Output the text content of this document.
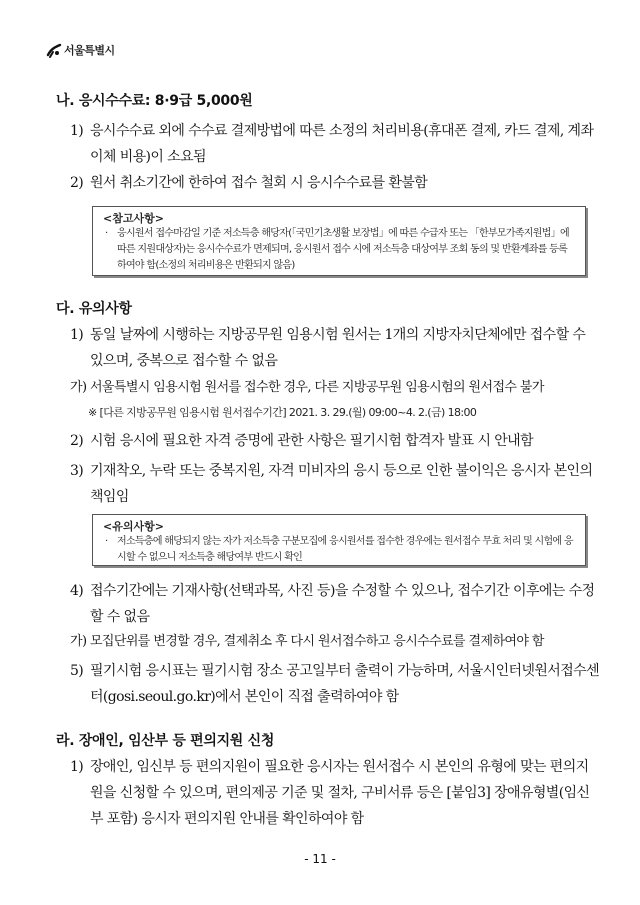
서울특별시
나. 응시수수료: 8·9급 5,000원
1) 응시수수료 외에 수수료 결제방법에 따른 소정의 처리비용(휴대폰 결제, 카드 결제, 계좌이체 비용)이 소요됨
2) 원서 취소기간에 한하여 접수 철회 시 응시수수료를 환불함
<참고사항>
· 응시원서 접수마감일 기준 저소득층 해당자(「국민기초생활 보장법」에 따른 수급자 또는 「한부모가족지원법」에 따른 지원대상자)는 응시수수료가 면제되며, 응시원서 접수 시에 저소득층 대상여부 조회 동의 및 반환계좌를 등록하여야 함(소정의 처리비용은 반환되지 않음)
다. 유의사항
1) 동일 날짜에 시행하는 지방공무원 임용시험 원서는 1개의 지방자치단체에만 접수할 수 있으며, 중복으로 접수할 수 없음
가) 서울특별시 임용시험 원서를 접수한 경우, 다른 지방공무원 임용시험의 원서접수 불가
※ [다른 지방공무원 임용시험 원서접수기간] 2021. 3. 29.(월) 09:00~4. 2.(금) 18:00
2) 시험 응시에 필요한 자격 증명에 관한 사항은 필기시험 합격자 발표 시 안내함
3) 기재착오, 누락 또는 중복지원, 자격 미비자의 응시 등으로 인한 불이익은 응시자 본인의 책임임
<유의사항>
· 저소득층에 해당되지 않는 자가 저소득층 구분모집에 응시원서를 접수한 경우에는 원서접수 무효 처리 및 시험에 응시할 수 없으니 저소득층 해당여부 반드시 확인
4) 접수기간에는 기재사항(선택과목, 사진 등)을 수정할 수 있으나, 접수기간 이후에는 수정할 수 없음
가) 모집단위를 변경할 경우, 결제취소 후 다시 원서접수하고 응시수수료를 결제하여야 함
5) 필기시험 응시표는 필기시험 장소 공고일부터 출력이 가능하며, 서울시인터넷원서접수센터(gosi.seoul.go.kr)에서 본인이 직접 출력하여야 함
라. 장애인, 임산부 등 편의지원 신청
1) 장애인, 임신부 등 편의지원이 필요한 응시자는 원서접수 시 본인의 유형에 맞는 편의지원을 신청할 수 있으며, 편의제공 기준 및 절차, 구비서류 등은 [붙임3] 장애유형별(임신부 포함) 응시자 편의지원 안내를 확인하여야 함
- 11 -
